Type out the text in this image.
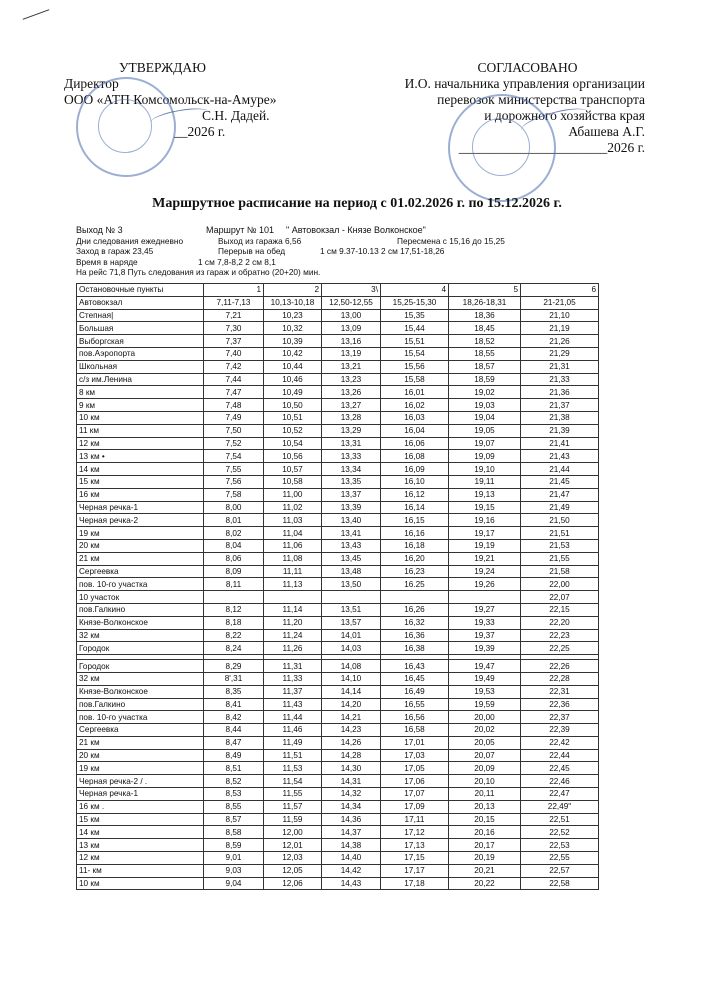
УТВЕРЖДАЮ
Директор
ООО «АТП Комсомольск-на-Амуре»
С.Н. Дадей.
__2026 г.
СОГЛАСОВАНО
И.О. начальника управления организации
перевозок министерства транспорта
и дорожного хозяйства края
Абашева А.Г.
______________________2026 г.
Маршрутное расписание на период с 01.02.2026 г. по 15.12.2026 г.
Выход № 3	Маршрут № 101 " Автовокзал - Князе Волконское"
Дни следования ежедневно	Выход из гаража 6,56	Пересмена с 15,16 до 15,25
Заход в гараж 23,45	Перерыв на обед	1 см 9.37-10.13 2 см 17,51-18,26
Время в наряде	1 см 7,8-8,2 2 см 8,1
На рейс 71,8 Путь следования из гараж и обратно (20+20) мин.
Остановочные пункты	1	2	3\	4	5	6
Автовокзал	7,11-7,13	10,13-10,18	12,50-12,55	15,25-15,30	18,26-18,31	21-21,05
Степная|	7,21	10,23	13,00	15,35	18,36	21,10
Большая	7,30	10,32	13,09	15,44	18,45	21,19
Выборгская	7,37	10,39	13,16	15,51	18,52	21,26
пов.Аэропорта	7,40	10,42	13,19	15,54	18,55	21,29
Школьная	7,42	10,44	13,21	15,56	18,57	21,31
с/з им.Ленина	7,44	10,46	13,23	15,58	18,59	21,33
8 км	7,47	10,49	13,26	16,01	19,02	21,36
9 км	7,48	10,50	13,27	16,02	19,03	21,37
10 км	7,49	10,51	13,28	16,03	19,04	21,38
11 км	7,50	10,52	13,29	16,04	19,05	21,39
12 км	7,52	10,54	13,31	16,06	19,07	21,41
13 км •	7,54	10,56	13,33	16,08	19,09	21,43
14 км	7,55	10,57	13,34	16,09	19,10	21,44
15 км	7,56	10,58	13,35	16,10	19,11	21,45
16 км	7,58	11,00	13,37	16,12	19,13	21,47
Черная речка-1	8,00	11,02	13,39	16,14	19,15	21,49
Черная речка-2	8,01	11,03	13,40	16,15	19,16	21,50
19 км	8,02	11,04	13,41	16,16	19,17	21,51
20 км	8,04	11,06	13,43	16,18	19,19	21,53
21 км	8,06	11,08	13,45	16,20	19,21	21,55
Сергеевка	8,09	11,11	13,48	16,23	19,24	21,58
пов. 10-го участка	8,11	11,13	13,50	16.25	19,26	22,00
10 участок						22,07
пов.Галкино	8,12	11,14	13,51	16,26	19,27	22,15
Князе-Волконское	8,18	11,20	13,57	16,32	19,33	22,20
32 км	8,22	11,24	14,01	16,36	19,37	22,23
Городок	8,24	11,26	14,03	16,38	19,39	22,25

Городок	8,29	11,31	14,08	16,43	19,47	22,26
32 км	8',31	11,33	14,10	16,45	19,49	22,28
Князе-Волконское	8,35	11,37	14,14	16,49	19,53	22,31
пов.Галкино	8,41	11,43	14,20	16,55	19,59	22,36
пов. 10-го участка	8,42	11,44	14,21	16,56	20,00	22,37
Сергеевка	8,44	11,46	14,23	16,58	20,02	22,39
21 км	8,47	11,49	14,26	17,01	20,05	22,42
20 км	8,49	11,51	14,28	17,03	20,07	22,44
19 км	8,51	11,53	14,30	17,05	20,09	22,45
Черная речка-2 / .	8,52	11,54	14,31	17,06	20,10	22,46
Черная речка-1	8,53	11,55	14,32	17,07	20,11	22,47
16 км .	8,55	11,57	14,34	17,09	20,13	22,49"
15 км	8,57	11,59	14,36	17,11	20,15	22,51
14 км	8,58	12,00	14,37	17,12	20,16	22,52
13 км	8,59	12,01	14,38	17,13	20,17	22,53
12 км	9,01	12,03	14,40	17,15	20,19	22,55
11- км	9,03	12,05	14,42	17,17	20,21	22,57
10 км	9,04	12,06	14,43	17,18	20,22	22,58
